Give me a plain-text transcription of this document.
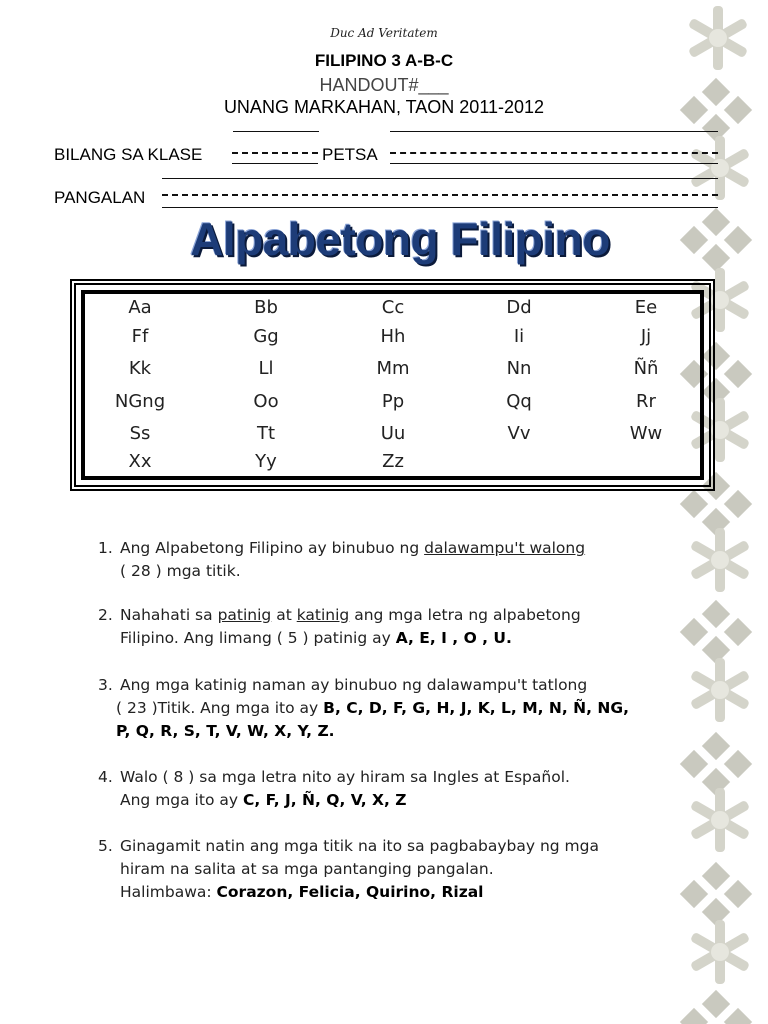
Duc Ad Veritatem
FILIPINO 3 A-B-C
HANDOUT#___
UNANG MARKAHAN, TAON 2011-2012
BILANG SA KLASE	PETSA
PANGALAN
Alpabetong Filipino
Aa	Bb	Cc	Dd	Ee
Ff	Gg	Hh	Ii	Jj
Kk	Ll	Mm	Nn	Ññ
NGng	Oo	Pp	Qq	Rr
Ss	Tt	Uu	Vv	Ww
Xx	Yy	Zz
1. Ang Alpabetong Filipino ay binubuo ng dalawampu't walong
( 28 ) mga titik.
2. Nahahati sa patinig at katinig ang mga letra ng alpabetong
Filipino. Ang limang ( 5 ) patinig ay A, E, I , O , U.
3. Ang mga katinig naman ay binubuo ng dalawampu't tatlong
( 23 )Titik. Ang mga ito ay B, C, D, F, G, H, J, K, L, M, N, Ñ, NG,
P, Q, R, S, T, V, W, X, Y, Z.
4. Walo ( 8 ) sa mga letra nito ay hiram sa Ingles at Español.
Ang mga ito ay C, F, J, Ñ, Q, V, X, Z
5. Ginagamit natin ang mga titik na ito sa pagbabaybay ng mga
hiram na salita at sa mga pantanging pangalan.
Halimbawa: Corazon, Felicia, Quirino, Rizal
